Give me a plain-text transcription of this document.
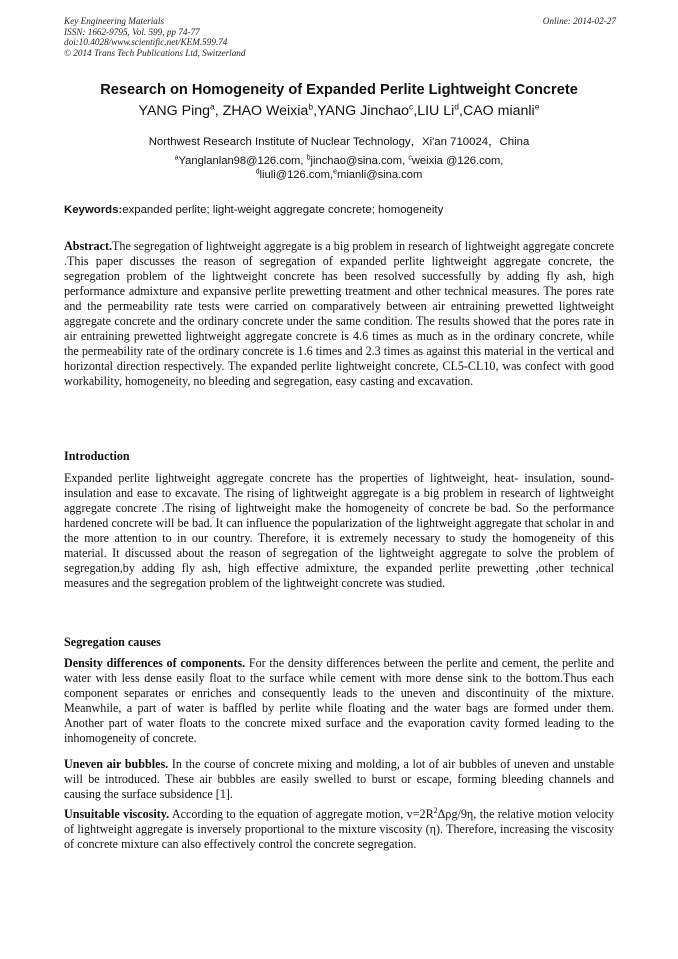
Key Engineering Materials
ISSN: 1662-9795, Vol. 599, pp 74-77
doi:10.4028/www.scientific.net/KEM.599.74
© 2014 Trans Tech Publications Ltd, Switzerland
Online: 2014-02-27
Research on Homogeneity of Expanded Perlite Lightweight Concrete
YANG Ping$^a$, ZHAO Weixia$^b$,YANG Jinchao$^c$,LIU Li$^d$,CAO mianli$^e$
Northwest Research Institute of Nuclear Technology，Xi'an 710024，China
$^a$Yanglanlan98@126.com, $^b$jinchao@sina.com, $^c$weixia @126.com,
$^d$liuli@126.com,$^e$mianli@sina.com
Keywords:expanded perlite; light-weight aggregate concrete; homogeneity
Abstract.The segregation of lightweight aggregate is a big problem in research of lightweight aggregate concrete .This paper discusses the reason of segregation of expanded perlite lightweight aggregate concrete, the segregation problem of the lightweight concrete has been resolved successfully by adding fly ash, high performance admixture and expansive perlite prewetting treatment and other technical measures. The pores rate and the permeability rate tests were carried on comparatively between air entraining prewetted lightweight aggregate concrete and the ordinary concrete under the same condition. The results showed that the pores rate in air entraining prewetted lightweight aggregate concrete is 4.6 times as much as in the ordinary concrete, while the permeability rate of the ordinary concrete is 1.6 times and 2.3 times as against this material in the vertical and horizontal direction respectively. The expanded perlite lightweight concrete, CL5-CL10, was confect with good workability, homogeneity, no bleeding and segregation, easy casting and excavation.
Introduction
Expanded perlite lightweight aggregate concrete has the properties of lightweight, heat- insulation, sound-insulation and ease to excavate. The rising of lightweight aggregate is a big problem in research of lightweight aggregate concrete .The rising of lightweight make the homogeneity of concrete be bad. So the performance hardened concrete will be bad. It can influence the popularization of the lightweight aggregate that scholar in and the more attention to in our country. Therefore, it is extremely necessary to study the homogeneity of this material. It discussed about the reason of segregation of the lightweight aggregate to solve the problem of segregation,by adding fly ash, high effective admixture, the expanded perlite prewetting ,other technical measures and the segregation problem of the lightweight concrete was studied.
Segregation causes
Density differences of components. For the density differences between the perlite and cement, the perlite and water with less dense easily float to the surface while cement with more dense sink to the bottom.Thus each component separates or enriches and consequently leads to the uneven and discontinuity of the mixture. Meanwhile, a part of water is baffled by perlite while floating and the water bags are formed under them. Another part of water floats to the concrete mixed surface and the evaporation cavity formed leading to the inhomogeneity of concrete.
Uneven air bubbles. In the course of concrete mixing and molding, a lot of air bubbles of uneven and unstable will be introduced. These air bubbles are easily swelled to burst or escape, forming bleeding channels and causing the surface subsidence [1].
Unsuitable viscosity. According to the equation of aggregate motion, $v=2R^2\Delta\rho g/9\eta$, the relative motion velocity of lightweight aggregate is inversely proportional to the mixture viscosity (η). Therefore, increasing the viscosity of concrete mixture can also effectively control the concrete segregation.
